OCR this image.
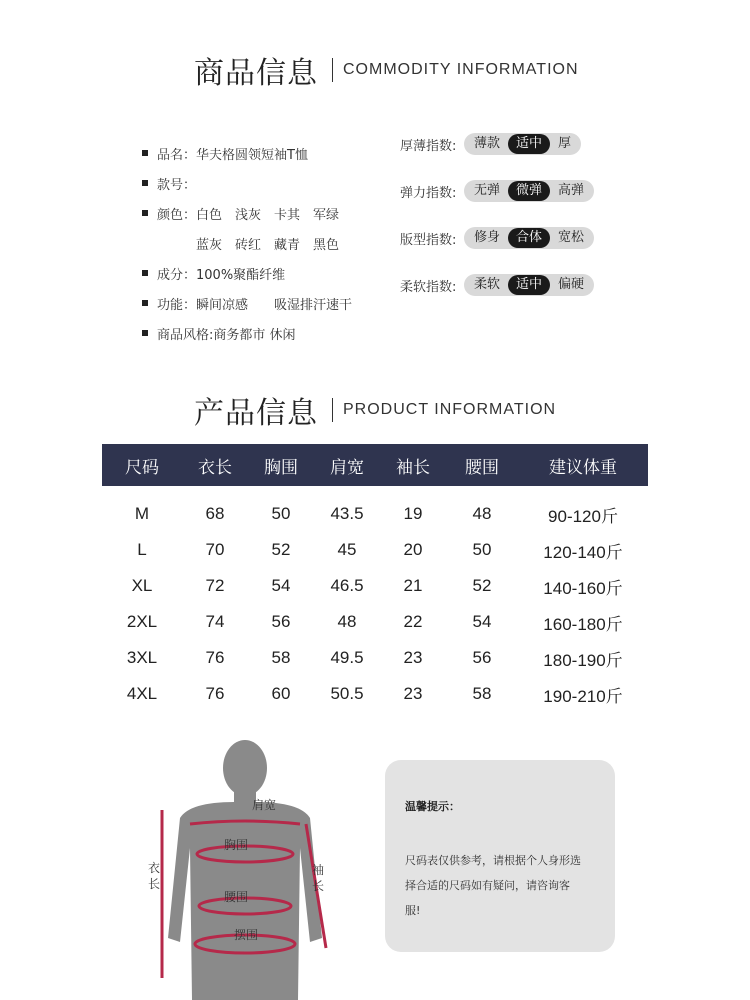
商品信息 COMMODITY INFORMATION
品名： 华夫格圆领短袖T恤
款号：
颜色： 白色　浅灰　卡其　军绿
　　　蓝灰　砖红　藏青　黑色
成分： 100%聚酯纤维
功能： 瞬间凉感　　吸湿排汗速干
商品风格: 商务都市 休闲
厚薄指数:	薄款	适中	厚
弹力指数:	无弹	微弹	高弹
版型指数:	修身	合体	宽松
柔软指数:	柔软	适中	偏硬
产品信息 PRODUCT INFORMATION
尺码	衣长	胸围	肩宽	袖长	腰围	建议体重
M	68	50	43.5	19	48	90-120斤
L	70	52	45	20	50	120-140斤
XL	72	54	46.5	21	52	140-160斤
2XL	74	56	48	22	54	160-180斤
3XL	76	58	49.5	23	56	180-190斤
4XL	76	60	50.5	23	58	190-210斤
肩宽
胸围
腰围
摆围
衣长
袖长
温馨提示：
尺码表仅供参考，请根据个人身形选择合适的尺码如有疑问，请咨询客服!
